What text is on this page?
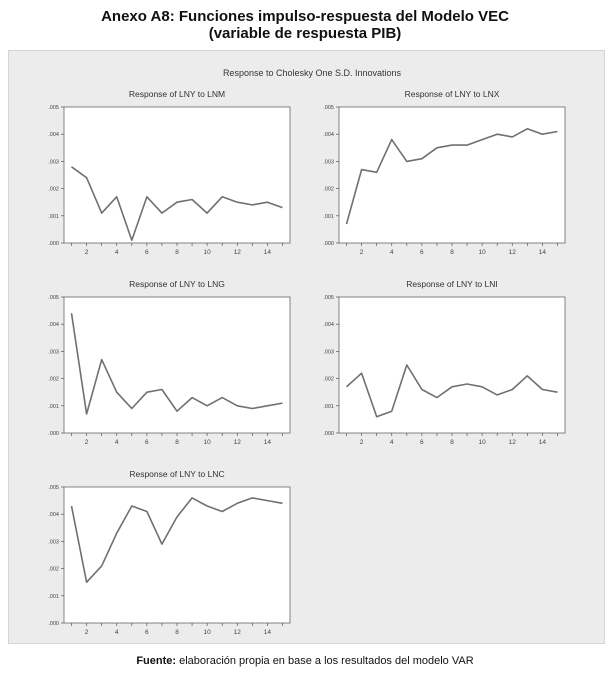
Anexo A8: Funciones impulso-respuesta del Modelo VEC
(variable de respuesta PIB)
Response to Cholesky One S.D. Innovations
Response of LNY to LNM
.000
.001
.002
.003
.004
.005
2	4	6	8	10	12	14
Response of LNY to LNX
.000
.001
.002
.003
.004
.005
2	4	6	8	10	12	14
Response of LNY to LNG
.000
.001
.002
.003
.004
.005
2	4	6	8	10	12	14
Response of LNY to LNI
.000
.001
.002
.003
.004
.005
2	4	6	8	10	12	14
Response of LNY to LNC
.000
.001
.002
.003
.004
.005
2	4	6	8	10	12	14
Fuente: elaboración propia en base a los resultados del modelo VAR
